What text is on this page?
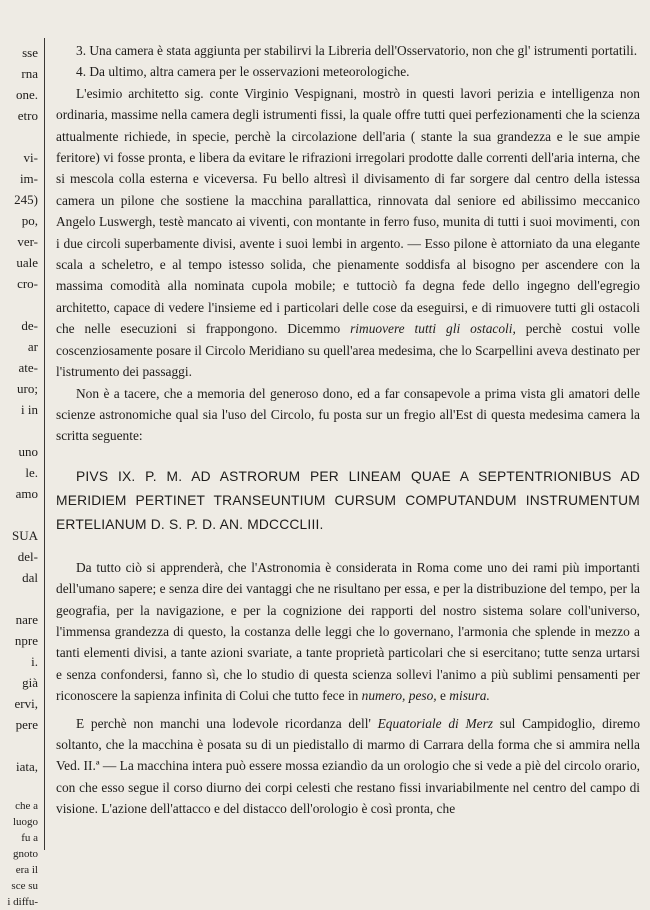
sse
rna
one.
etro
vi-
im-
245)
po,
ver-
uale
cro-
de-
ar
ate-
uro;
i in
uno
le.
amo
SUA
del-
dal
nare
npre
i.
già
ervi,
pere
iata,
che a
luogo
fu a
gnoto
era il
sce su
i diffu-

3. Una camera è stata aggiunta per stabilirvi la Libreria dell'Osservatorio, non che gl' istrumenti portatili.

4. Da ultimo, altra camera per le osservazioni meteorologiche.

L'esimio architetto sig. conte Virginio Vespignani, mostrò in questi lavori perizia e intelligenza non ordinaria, massime nella camera degli istrumenti fissi, la quale offre tutti quei perfezionamenti che la scienza attualmente richiede, in specie, perchè la circolazione dell'aria ( stante la sua grandezza e le sue ampie feritore) vi fosse pronta, e libera da evitare le rifrazioni irregolari prodotte dalle correnti dell'aria interna, che si mescola colla esterna e viceversa. Fu bello altresì il divisamento di far sorgere dal centro della istessa camera un pilone che sostiene la macchina parallattica, rinnovata dal seniore ed abilissimo meccanico Angelo Luswergh, testè mancato ai viventi, con montante in ferro fuso, munita di tutti i suoi movimenti, con i due circoli superbamente divisi, avente i suoi lembi in argento. — Esso pilone è attorniato da una elegante scala a scheletro, e al tempo istesso solida, che pienamente soddisfa al bisogno per ascendere con la massima comodità alla nominata cupola mobile; e tuttociò fa degna fede dello ingegno dell'egregio architetto, capace di vedere l'insieme ed i particolari delle cose da eseguirsi, e di rimuovere tutti gli ostacoli che nelle esecuzioni si frappongono. Dicemmo rimuovere tutti gli ostacoli, perchè costui volle coscenziosamente posare il Circolo Meridiano su quell'area medesima, che lo Scarpellini aveva destinato per l'istrumento dei passaggi.

Non è a tacere, che a memoria del generoso dono, ed a far consapevole a prima vista gli amatori delle scienze astronomiche qual sia l'uso del Circolo, fu posta sur un fregio all'Est di questa medesima camera la scritta seguente:

PIVS IX. P. M. AD ASTRORUM PER LINEAM QUAE A SEPTENTRIONIBUS AD MERIDIEM PERTINET TRANSEUNTIUM CURSUM COMPUTANDUM INSTRUMENTUM ERTELIANUM D. S. P. D. AN. MDCCCLIII.

Da tutto ciò si apprenderà, che l'Astronomia è considerata in Roma come uno dei rami più importanti dell'umano sapere; e senza dire dei vantaggi che ne risultano per essa, e per la distribuzione del tempo, per la geografia, per la navigazione, e per la cognizione dei rapporti del nostro sistema solare coll'universo, l'immensa grandezza di questo, la costanza delle leggi che lo governano, l'armonia che splende in mezzo a tanti elementi divisi, a tante azioni svariate, a tante proprietà particolari che si esercitano; tutte senza urtarsi e senza confondersi, fanno sì, che lo studio di questa scienza sollevi l'animo a più sublimi pensamenti per riconoscere la sapienza infinita di Colui che tutto fece in numero, peso, e misura.

E perchè non manchi una lodevole ricordanza dell' Equatoriale di Merz sul Campidoglio, diremo soltanto, che la macchina è posata su di un piedistallo di marmo di Carrara della forma che si ammira nella Ved. II.ª — La macchina intera può essere mossa eziandìo da un orologio che si vede a piè del circolo orario, con che esso segue il corso diurno dei corpi celesti che restano fissi invariabilmente nel centro del campo di visione. L'azione dell'attacco e del distacco dell'orologio è così pronta, che
